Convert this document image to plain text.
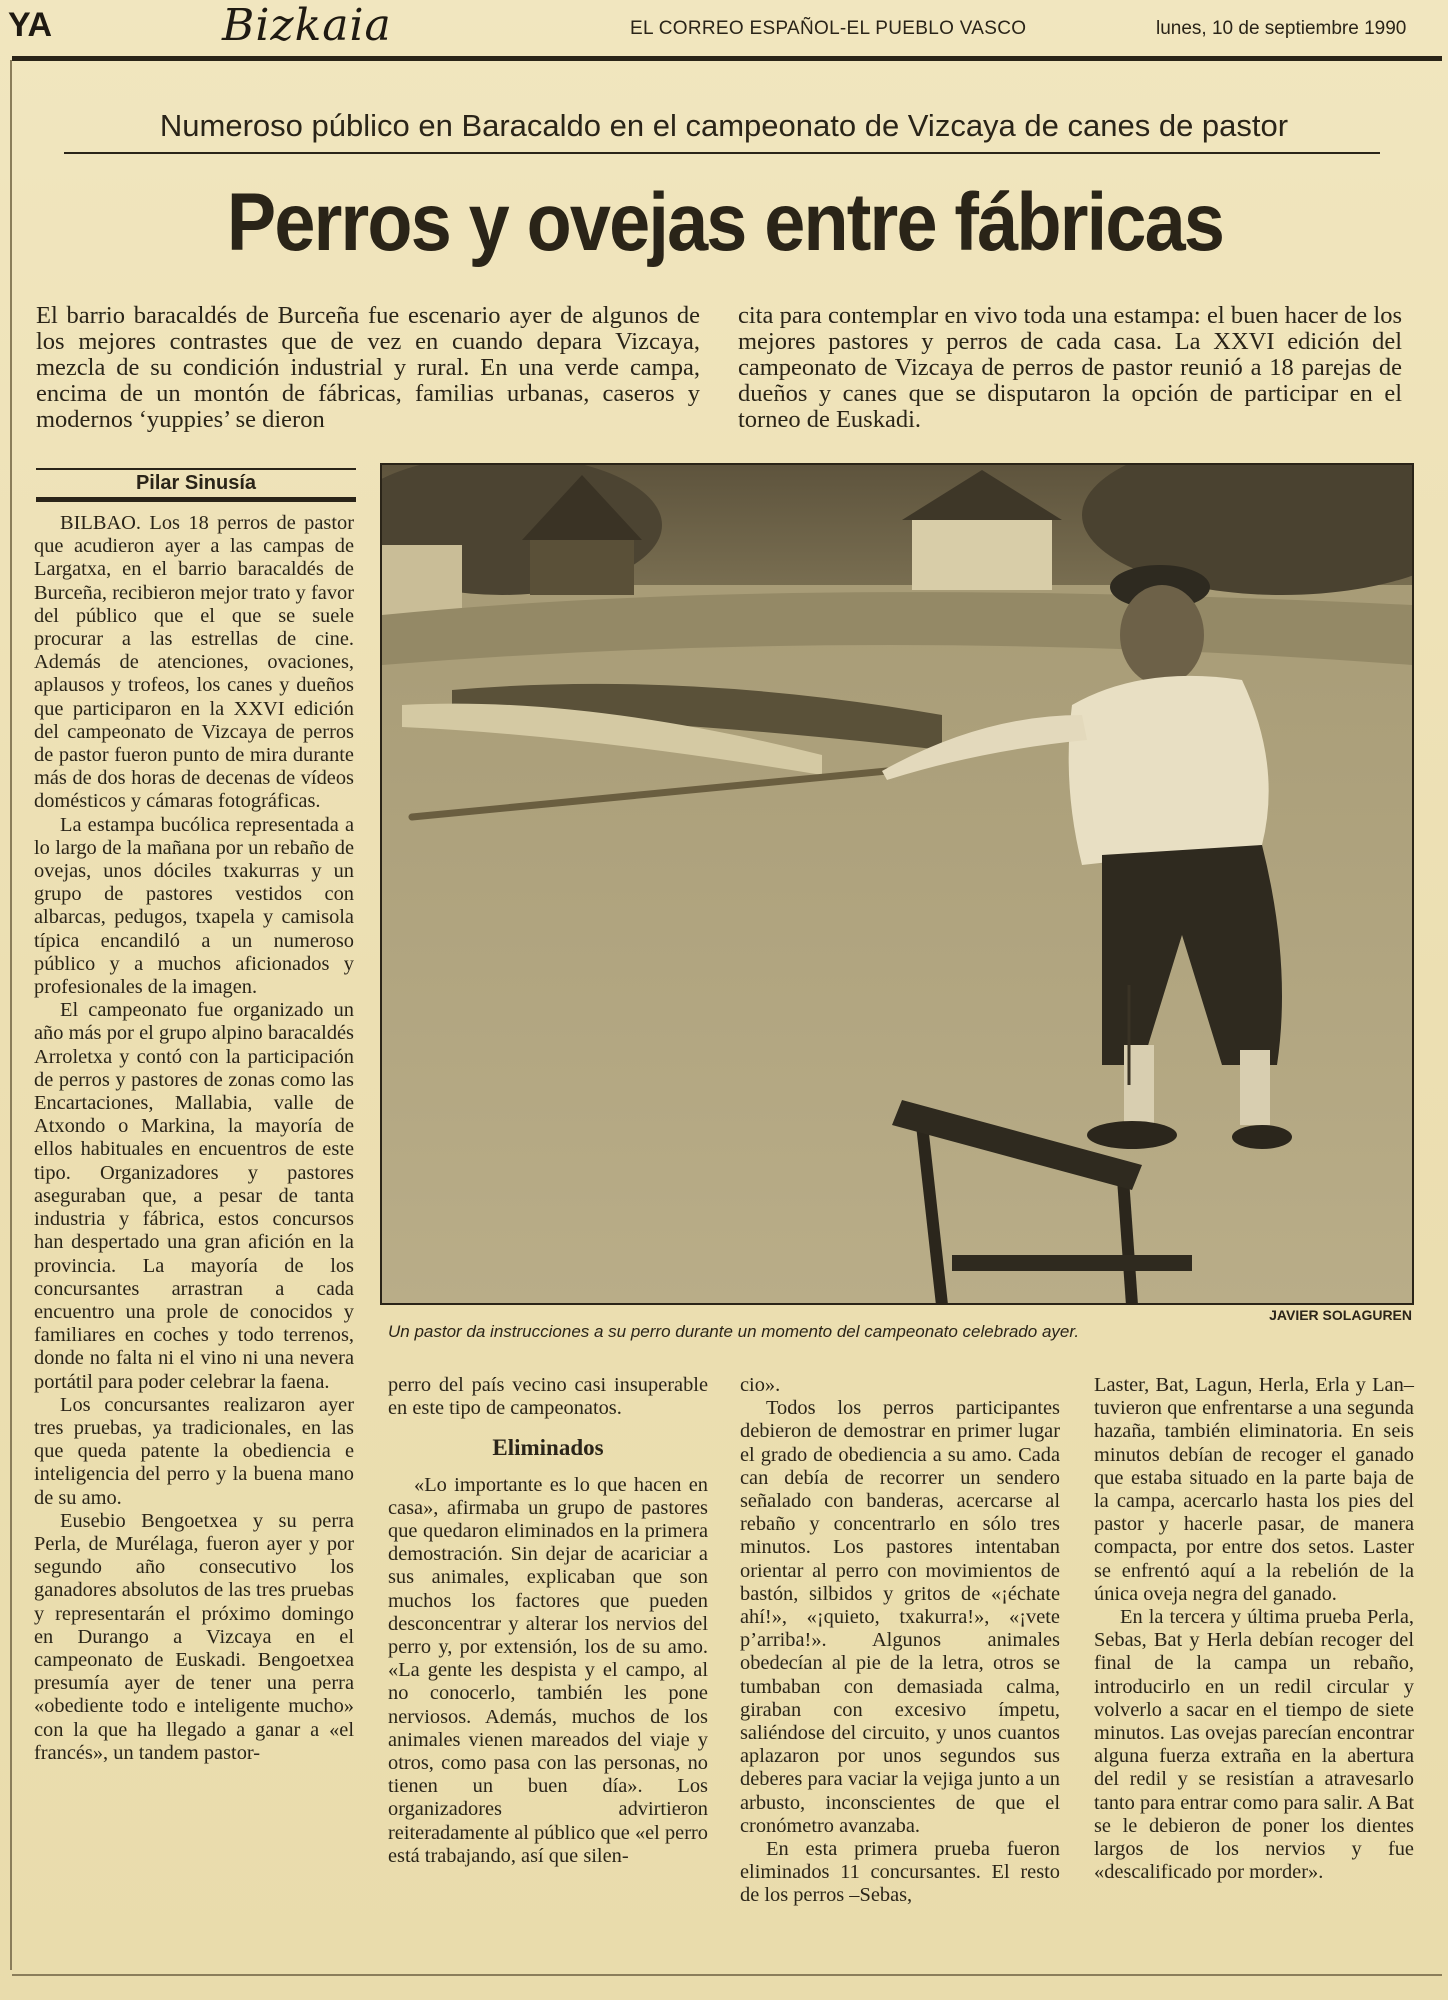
YA	Bizkaia	EL CORREO ESPAÑOL-EL PUEBLO VASCO	lunes, 10 de septiembre 1990
Numeroso público en Baracaldo en el campeonato de Vizcaya de canes de pastor
Perros y ovejas entre fábricas
El barrio baracaldés de Burceña fue escenario ayer de algunos de los mejores contrastes que de vez en cuando depara Vizcaya, mezcla de su condición industrial y rural. En una verde campa, encima de un montón de fábricas, familias urbanas, caseros y modernos ‘yuppies’ se dieron
cita para contemplar en vivo toda una estampa: el buen hacer de los mejores pastores y perros de cada casa. La XXVI edición del campeonato de Vizcaya de perros de pastor reunió a 18 parejas de dueños y canes que se disputaron la opción de participar en el torneo de Euskadi.
Pilar Sinusía

BILBAO. Los 18 perros de pastor que acudieron ayer a las campas de Largatxa, en el barrio baracaldés de Burceña, recibieron mejor trato y favor del público que el que se suele procurar a las estrellas de cine. Además de atenciones, ovaciones, aplausos y trofeos, los canes y dueños que participaron en la XXVI edición del campeonato de Vizcaya de perros de pastor fueron punto de mira durante más de dos horas de decenas de vídeos domésticos y cámaras fotográficas.

La estampa bucólica representada a lo largo de la mañana por un rebaño de ovejas, unos dóciles txakurras y un grupo de pastores vestidos con albarcas, pedugos, txapela y camisola típica encandiló a un numeroso público y a muchos aficionados y profesionales de la imagen.

El campeonato fue organizado un año más por el grupo alpino baracaldés Arroletxa y contó con la participación de perros y pastores de zonas como las Encartaciones, Mallabia, valle de Atxondo o Markina, la mayoría de ellos habituales en encuentros de este tipo. Organizadores y pastores aseguraban que, a pesar de tanta industria y fábrica, estos concursos han despertado una gran afición en la provincia. La mayoría de los concursantes arrastran a cada encuentro una prole de conocidos y familiares en coches y todo terrenos, donde no falta ni el vino ni una nevera portátil para poder celebrar la faena.

Los concursantes realizaron ayer tres pruebas, ya tradicionales, en las que queda patente la obediencia e inteligencia del perro y la buena mano de su amo.

Eusebio Bengoetxea y su perra Perla, de Murélaga, fueron ayer y por segundo año consecutivo los ganadores absolutos de las tres pruebas y representarán el próximo domingo en Durango a Vizcaya en el campeonato de Euskadi. Bengoetxea presumía ayer de tener una perra «obediente todo e inteligente mucho» con la que ha llegado a ganar a «el francés», un tandem pastor-

JAVIER SOLAGUREN
Un pastor da instrucciones a su perro durante un momento del campeonato celebrado ayer.

perro del país vecino casi insuperable en este tipo de campeonatos.

Eliminados

«Lo importante es lo que hacen en casa», afirmaba un grupo de pastores que quedaron eliminados en la primera demostración. Sin dejar de acariciar a sus animales, explicaban que son muchos los factores que pueden desconcentrar y alterar los nervios del perro y, por extensión, los de su amo. «La gente les despista y el campo, al no conocerlo, también les pone nerviosos. Además, muchos de los animales vienen mareados del viaje y otros, como pasa con las personas, no tienen un buen día». Los organizadores advirtieron reiteradamente al público que «el perro está trabajando, así que silen-

cio».

Todos los perros participantes debieron de demostrar en primer lugar el grado de obediencia a su amo. Cada can debía de recorrer un sendero señalado con banderas, acercarse al rebaño y concentrarlo en sólo tres minutos. Los pastores intentaban orientar al perro con movimientos de bastón, silbidos y gritos de «¡échate ahí!», «¡quieto, txakurra!», «¡vete p’arriba!». Algunos animales obedecían al pie de la letra, otros se tumbaban con demasiada calma, giraban con excesivo ímpetu, saliéndose del circuito, y unos cuantos aplazaron por unos segundos sus deberes para vaciar la vejiga junto a un arbusto, inconscientes de que el cronómetro avanzaba.

En esta primera prueba fueron eliminados 11 concursantes. El resto de los perros –Sebas,

Laster, Bat, Lagun, Herla, Erla y Lan– tuvieron que enfrentarse a una segunda hazaña, también eliminatoria. En seis minutos debían de recoger el ganado que estaba situado en la parte baja de la campa, acercarlo hasta los pies del pastor y hacerle pasar, de manera compacta, por entre dos setos. Laster se enfrentó aquí a la rebelión de la única oveja negra del ganado.

En la tercera y última prueba Perla, Sebas, Bat y Herla debían recoger del final de la campa un rebaño, introducirlo en un redil circular y volverlo a sacar en el tiempo de siete minutos. Las ovejas parecían encontrar alguna fuerza extraña en la abertura del redil y se resistían a atravesarlo tanto para entrar como para salir. A Bat se le debieron de poner los dientes largos de los nervios y fue «descalificado por morder».
